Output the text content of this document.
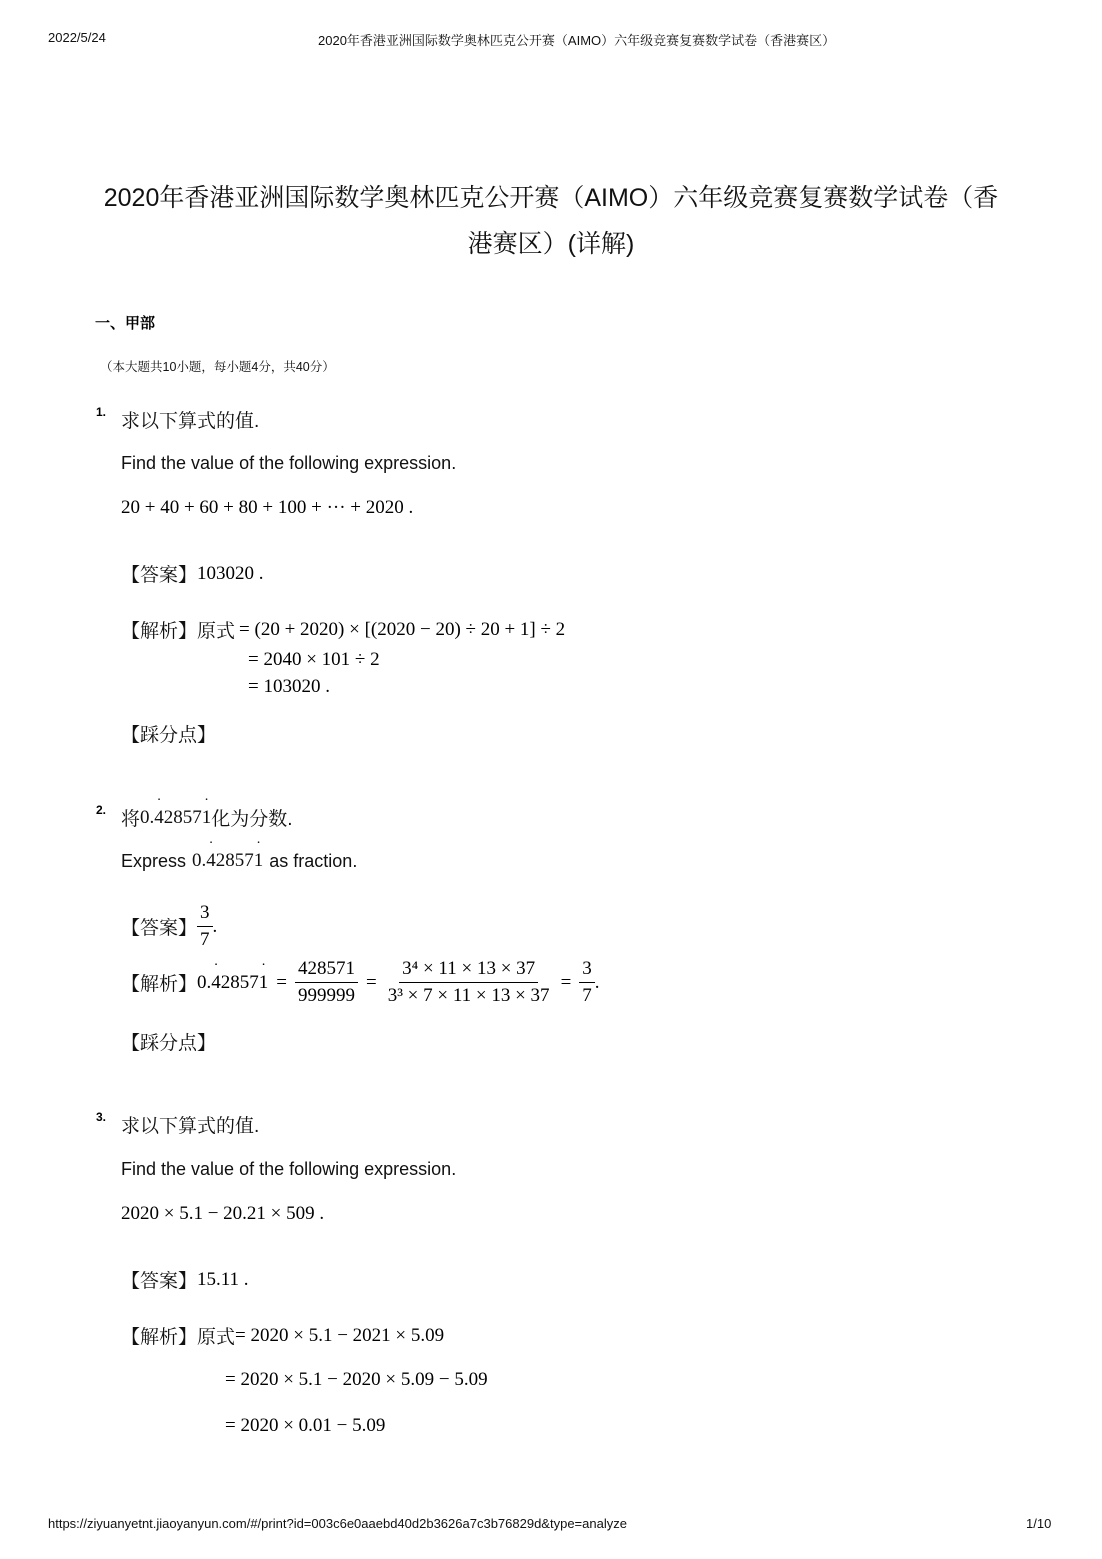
2022/5/24	2020年香港亚洲国际数学奥林匹克公开赛（AIMO）六年级竞赛复赛数学试卷（香港赛区）
2020年香港亚洲国际数学奥林匹克公开赛（AIMO）六年级竞赛复赛数学试卷（香
港赛区）(详解)
一、甲部
（本大题共10小题，每小题4分，共40分）
1. 求以下算式的值.
Find the value of the following expression.
20 + 40 + 60 + 80 + 100 + ··· + 2020 .
【答案】 103020 .
【解析】 原式 = (20 + 2020) × [(2020 − 20) ÷ 20 + 1] ÷ 2
= 2040 × 101 ÷ 2
= 103020 .
【踩分点】
2. 将 0.˙ 42857˙ 1 化为分数.
Express 0.˙ 42857˙ 1 as fraction.
【答案】 $\frac{3}{7}$ .
【解析】 0.˙ 42857˙ $1 = \frac{428571}{999999} = \frac{\text{3⁴ × 11 × 13 × 37}}{\text{3³ × 7 × 11 × 13 × 37}} = \frac{3}{7}$ .
【踩分点】
3. 求以下算式的值.
Find the value of the following expression.
2020 × 5.1 − 20.21 × 509 .
【答案】 15.11 .
【解析】 原式 = 2020 × 5.1 − 2021 × 5.09
= 2020 × 5.1 − 2020 × 5.09 − 5.09
= 2020 × 0.01 − 5.09
https://ziyuanyetnt.jiaoyanyun.com/#/print?id=003c6e0aaebd40d2b3626a7c3b76829d&type=analyze	1/10
